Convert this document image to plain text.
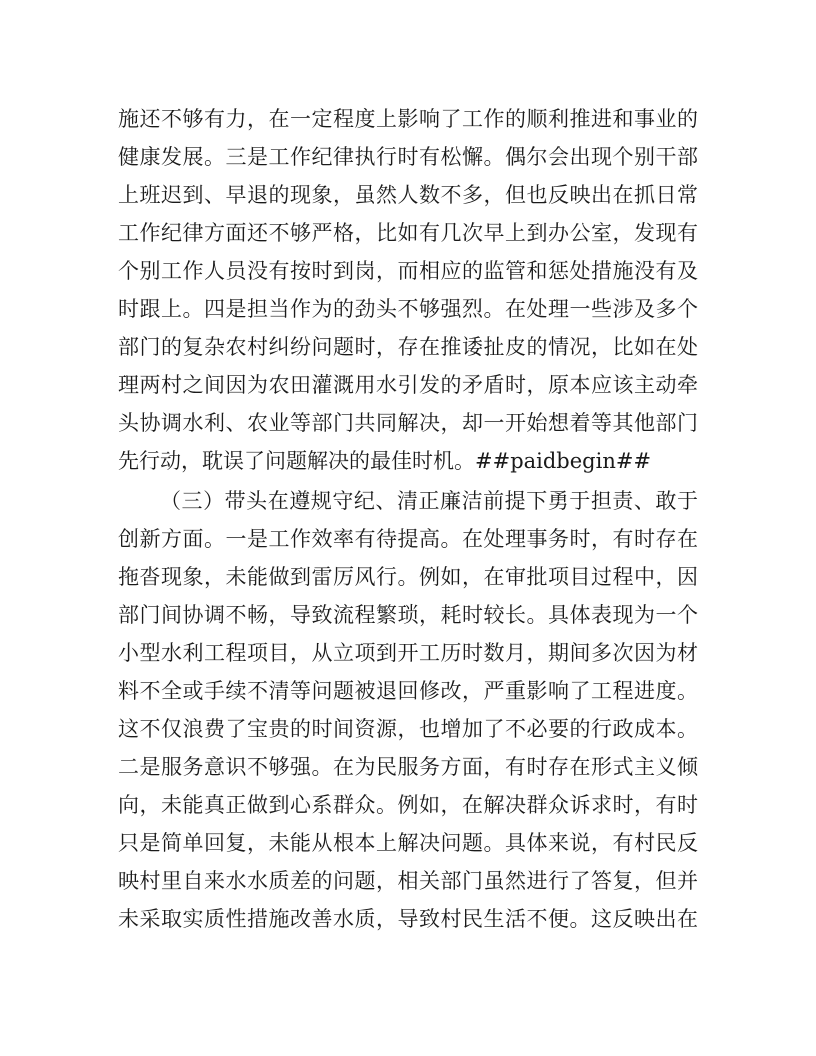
施还不够有力，在一定程度上影响了工作的顺利推进和事业的
健康发展。三是工作纪律执行时有松懈。偶尔会出现个别干部
上班迟到、早退的现象，虽然人数不多，但也反映出在抓日常
工作纪律方面还不够严格，比如有几次早上到办公室，发现有
个别工作人员没有按时到岗，而相应的监管和惩处措施没有及
时跟上。四是担当作为的劲头不够强烈。在处理一些涉及多个
部门的复杂农村纠纷问题时，存在推诿扯皮的情况，比如在处
理两村之间因为农田灌溉用水引发的矛盾时，原本应该主动牵
头协调水利、农业等部门共同解决，却一开始想着等其他部门
先行动，耽误了问题解决的最佳时机。##paidbegin##
（三）带头在遵规守纪、清正廉洁前提下勇于担责、敢于
创新方面。一是工作效率有待提高。在处理事务时，有时存在
拖沓现象，未能做到雷厉风行。例如，在审批项目过程中，因
部门间协调不畅，导致流程繁琐，耗时较长。具体表现为一个
小型水利工程项目，从立项到开工历时数月，期间多次因为材
料不全或手续不清等问题被退回修改，严重影响了工程进度。
这不仅浪费了宝贵的时间资源，也增加了不必要的行政成本。
二是服务意识不够强。在为民服务方面，有时存在形式主义倾
向，未能真正做到心系群众。例如，在解决群众诉求时，有时
只是简单回复，未能从根本上解决问题。具体来说，有村民反
映村里自来水水质差的问题，相关部门虽然进行了答复，但并
未采取实质性措施改善水质，导致村民生活不便。这反映出在
